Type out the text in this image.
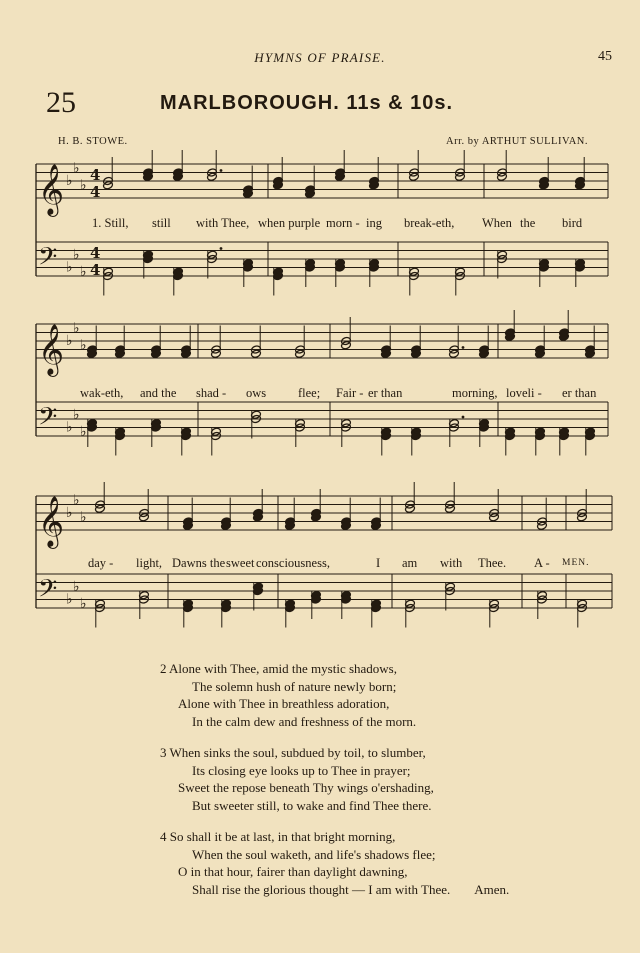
HYMNS OF PRAISE.	45
25	MARLBOROUGH. 11s & 10s.
H. B. STOWE.	Arr. by ARTHUT SULLIVAN.
𝄞 ♭
♭
♭
4
4
𝄢 ♭
♭
♭
4
4
1. Still, still with Thee, when purple morn - ing break-eth, When the bird
𝄞 ♭
♭
♭
𝄢 ♭
♭
♭
wak-eth, and the shad - ows	flee; Fair - er than	morning, loveli - er than
𝄞 ♭
♭
♭
𝄢 ♭
♭
♭
day - light, Dawns the sweet consciousness,	I am with Thee. A - MEN.
2 Alone with Thee, amid the mystic shadows,
The solemn hush of nature newly born;
Alone with Thee in breathless adoration,
In the calm dew and freshness of the morn.
3 When sinks the soul, subdued by toil, to slumber,
Its closing eye looks up to Thee in prayer;
Sweet the repose beneath Thy wings o'ershading,
But sweeter still, to wake and find Thee there.
4 So shall it be at last, in that bright morning,
When the soul waketh, and life's shadows flee;
O in that hour, fairer than daylight dawning,
Shall rise the glorious thought — I am with Thee. Amen.
